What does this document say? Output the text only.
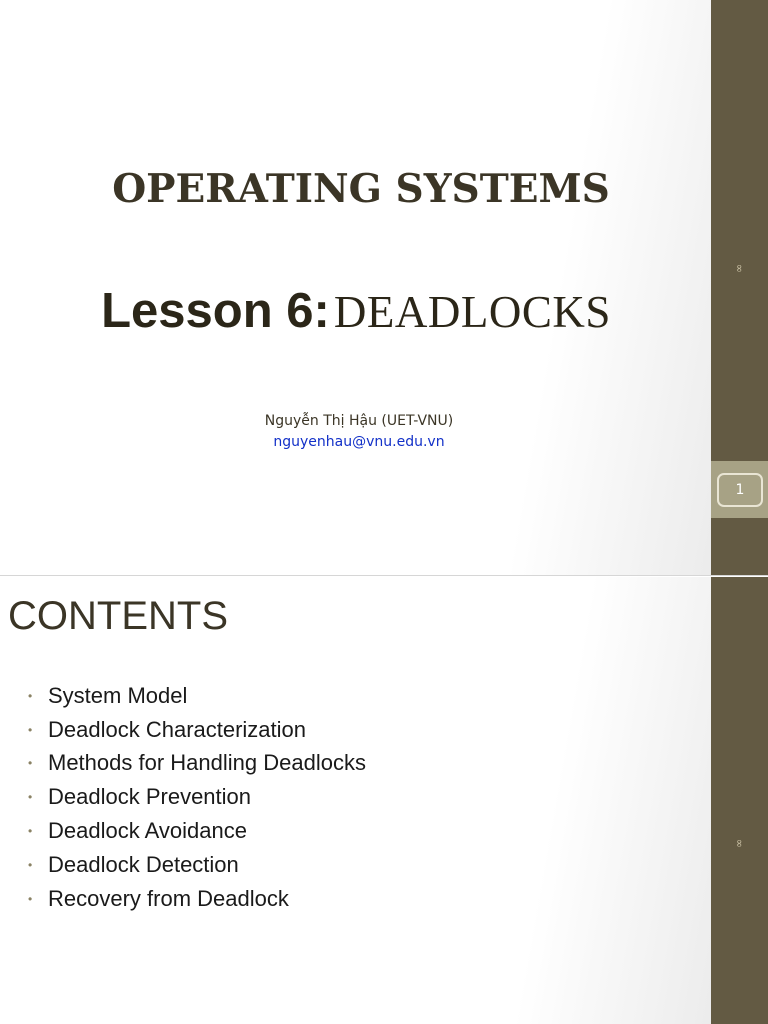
∞
1
OPERATING SYSTEMS
Lesson 6: DEADLOCKS
Nguyễn Thị Hậu (UET-VNU)
nguyenhau@vnu.edu.vn
∞
CONTENTS
• System Model
• Deadlock Characterization
• Methods for Handling Deadlocks
• Deadlock Prevention
• Deadlock Avoidance
• Deadlock Detection
• Recovery from Deadlock
